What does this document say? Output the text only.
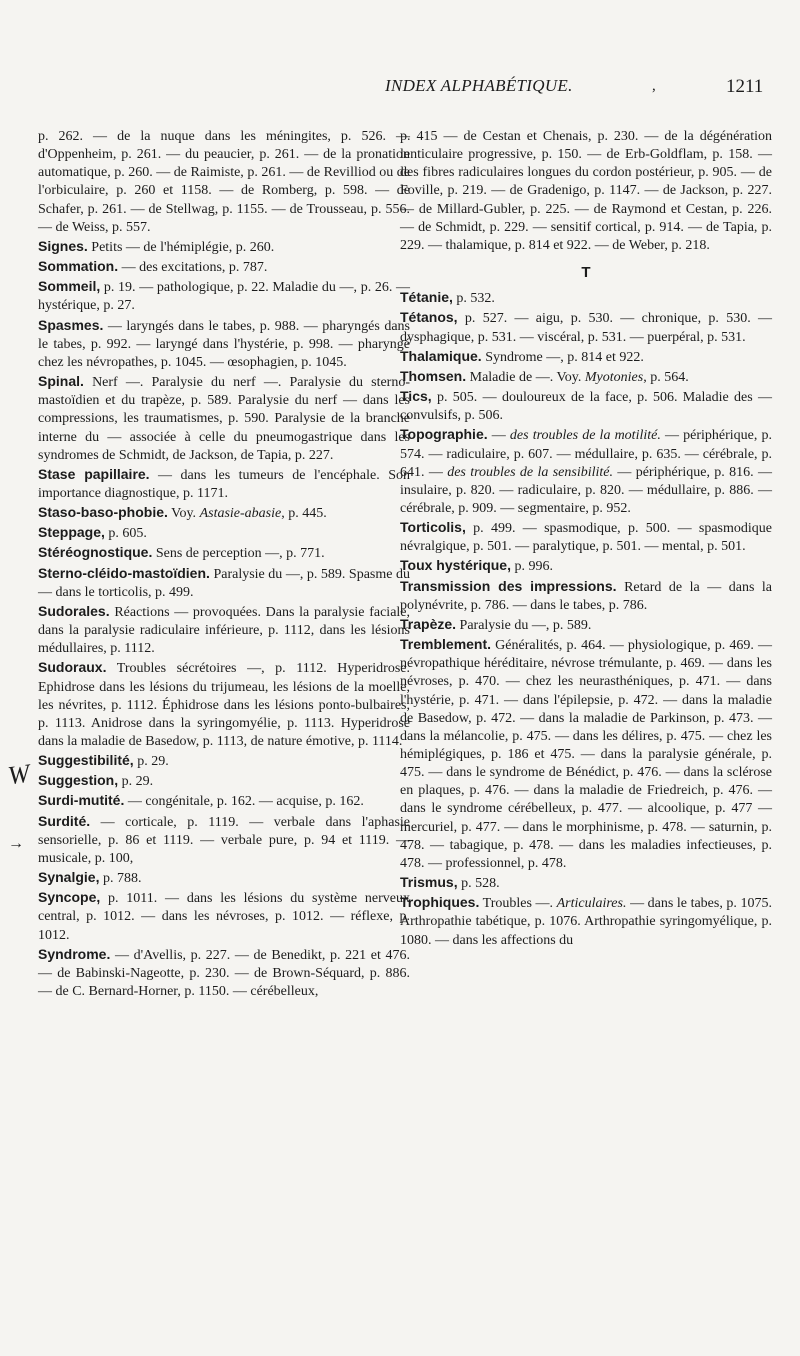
INDEX ALPHABÉTIQUE.	,	1211
W
→

p. 262. — de la nuque dans les méningites, p. 526. — d'Oppenheim, p. 261. — du peaucier, p. 261. — de la pronation automatique, p. 260. — de Raimiste, p. 261. — de Revilliod ou de l'orbiculaire, p. 260 et 1158. — de Romberg, p. 598. — de Schafer, p. 261. — de Stellwag, p. 1155. — de Trousseau, p. 556. — de Weiss, p. 557.

Signes. Petits — de l'hémiplégie, p. 260.

Sommation. — des excitations, p. 787.

Sommeil, p. 19. — pathologique, p. 22. Maladie du —, p. 26. — hystérique, p. 27.

Spasmes. — laryngés dans le tabes, p. 988. — pharyngés dans le tabes, p. 992. — laryngé dans l'hystérie, p. 998. — pharyngé chez les névropathes, p. 1045. — œsophagien, p. 1045.

Spinal. Nerf —. Paralysie du nerf —. Paralysie du sterno-mastoïdien et du trapèze, p. 589. Paralysie du nerf — dans les compressions, les traumatismes, p. 590. Paralysie de la branche interne du — associée à celle du pneumogastrique dans les syndromes de Schmidt, de Jackson, de Tapia, p. 227.

Stase papillaire. — dans les tumeurs de l'encéphale. Son importance diagnostique, p. 1171.

Staso-baso-phobie. Voy. Astasie-abasie, p. 445.

Steppage, p. 605.

Stéréognostique. Sens de perception —, p. 771.

Sterno-cléido-mastoïdien. Paralysie du —, p. 589. Spasme du — dans le torticolis, p. 499.

Sudorales. Réactions — provoquées. Dans la paralysie faciale, dans la paralysie radiculaire inférieure, p. 1112, dans les lésions médullaires, p. 1112.

Sudoraux. Troubles sécrétoires —, p. 1112. Hyperidrose. Ephidrose dans les lésions du trijumeau, les lésions de la moelle, les névrites, p. 1112. Éphidrose dans les lésions ponto-bulbaires, p. 1113. Anidrose dans la syringomyélie, p. 1113. Hyperidrose dans la maladie de Basedow, p. 1113, de nature émotive, p. 1114.

Suggestibilité, p. 29.

Suggestion, p. 29.

Surdi-mutité. — congénitale, p. 162. — acquise, p. 162.

Surdité. — corticale, p. 1119. — verbale dans l'aphasie sensorielle, p. 86 et 1119. — verbale pure, p. 94 et 1119. — musicale, p. 100,

Synalgie, p. 788.

Syncope, p. 1011. — dans les lésions du système nerveux central, p. 1012. — dans les névroses, p. 1012. — réflexe, p. 1012.

Syndrome. — d'Avellis, p. 227. — de Benedikt, p. 221 et 476. — de Babinski-Nageotte, p. 230. — de Brown-Séquard, p. 886. — de C. Bernard-Horner, p. 1150. — cérébelleux,

p. 415 — de Cestan et Chenais, p. 230. — de la dégénération lenticulaire progressive, p. 150. — de Erb-Goldflam, p. 158. — des fibres radiculaires longues du cordon postérieur, p. 905. — de Foville, p. 219. — de Gradenigo, p. 1147. — de Jackson, p. 227. — de Millard-Gubler, p. 225. — de Raymond et Cestan, p. 226. — de Schmidt, p. 229. — sensitif cortical, p. 914. — de Tapia, p. 229. — thalamique, p. 814 et 922. — de Weber, p. 218.

T

Tétanie, p. 532.

Tétanos, p. 527. — aigu, p. 530. — chronique, p. 530. — dysphagique, p. 531. — viscéral, p. 531. — puerpéral, p. 531.

Thalamique. Syndrome —, p. 814 et 922.

Thomsen. Maladie de —. Voy. Myotonies, p. 564.

Tics, p. 505. — douloureux de la face, p. 506. Maladie des — convulsifs, p. 506.

Topographie. — des troubles de la motilité. — périphérique, p. 574. — radiculaire, p. 607. — médullaire, p. 635. — cérébrale, p. 641. — des troubles de la sensibilité. — périphérique, p. 816. — insulaire, p. 820. — radiculaire, p. 820. — médullaire, p. 886. — cérébrale, p. 909. — segmentaire, p. 952.

Torticolis, p. 499. — spasmodique, p. 500. — spasmodique névralgique, p. 501. — paralytique, p. 501. — mental, p. 501.

Toux hystérique, p. 996.

Transmission des impressions. Retard de la — dans la polynévrite, p. 786. — dans le tabes, p. 786.

Trapèze. Paralysie du —, p. 589.

Tremblement. Généralités, p. 464. — physiologique, p. 469. — névropathique héréditaire, névrose trémulante, p. 469. — dans les névroses, p. 470. — chez les neurasthéniques, p. 471. — dans l'hystérie, p. 471. — dans l'épilepsie, p. 472. — dans la maladie de Basedow, p. 472. — dans la maladie de Parkinson, p. 473. — dans la mélancolie, p. 475. — dans les délires, p. 475. — chez les hémiplégiques, p. 186 et 475. — dans la paralysie générale, p. 475. — dans le syndrome de Bénédict, p. 476. — dans la sclérose en plaques, p. 476. — dans la maladie de Friedreich, p. 476. — dans le syndrome cérébelleux, p. 477. — alcoolique, p. 477 — mercuriel, p. 477. — dans le morphinisme, p. 478. — saturnin, p. 478. — tabagique, p. 478. — dans les maladies infectieuses, p. 478. — professionnel, p. 478.

Trismus, p. 528.

Trophiques. Troubles —. Articulaires. — dans le tabes, p. 1075. Arthropathie tabétique, p. 1076. Arthropathie syringomyélique, p. 1080. — dans les affections du
